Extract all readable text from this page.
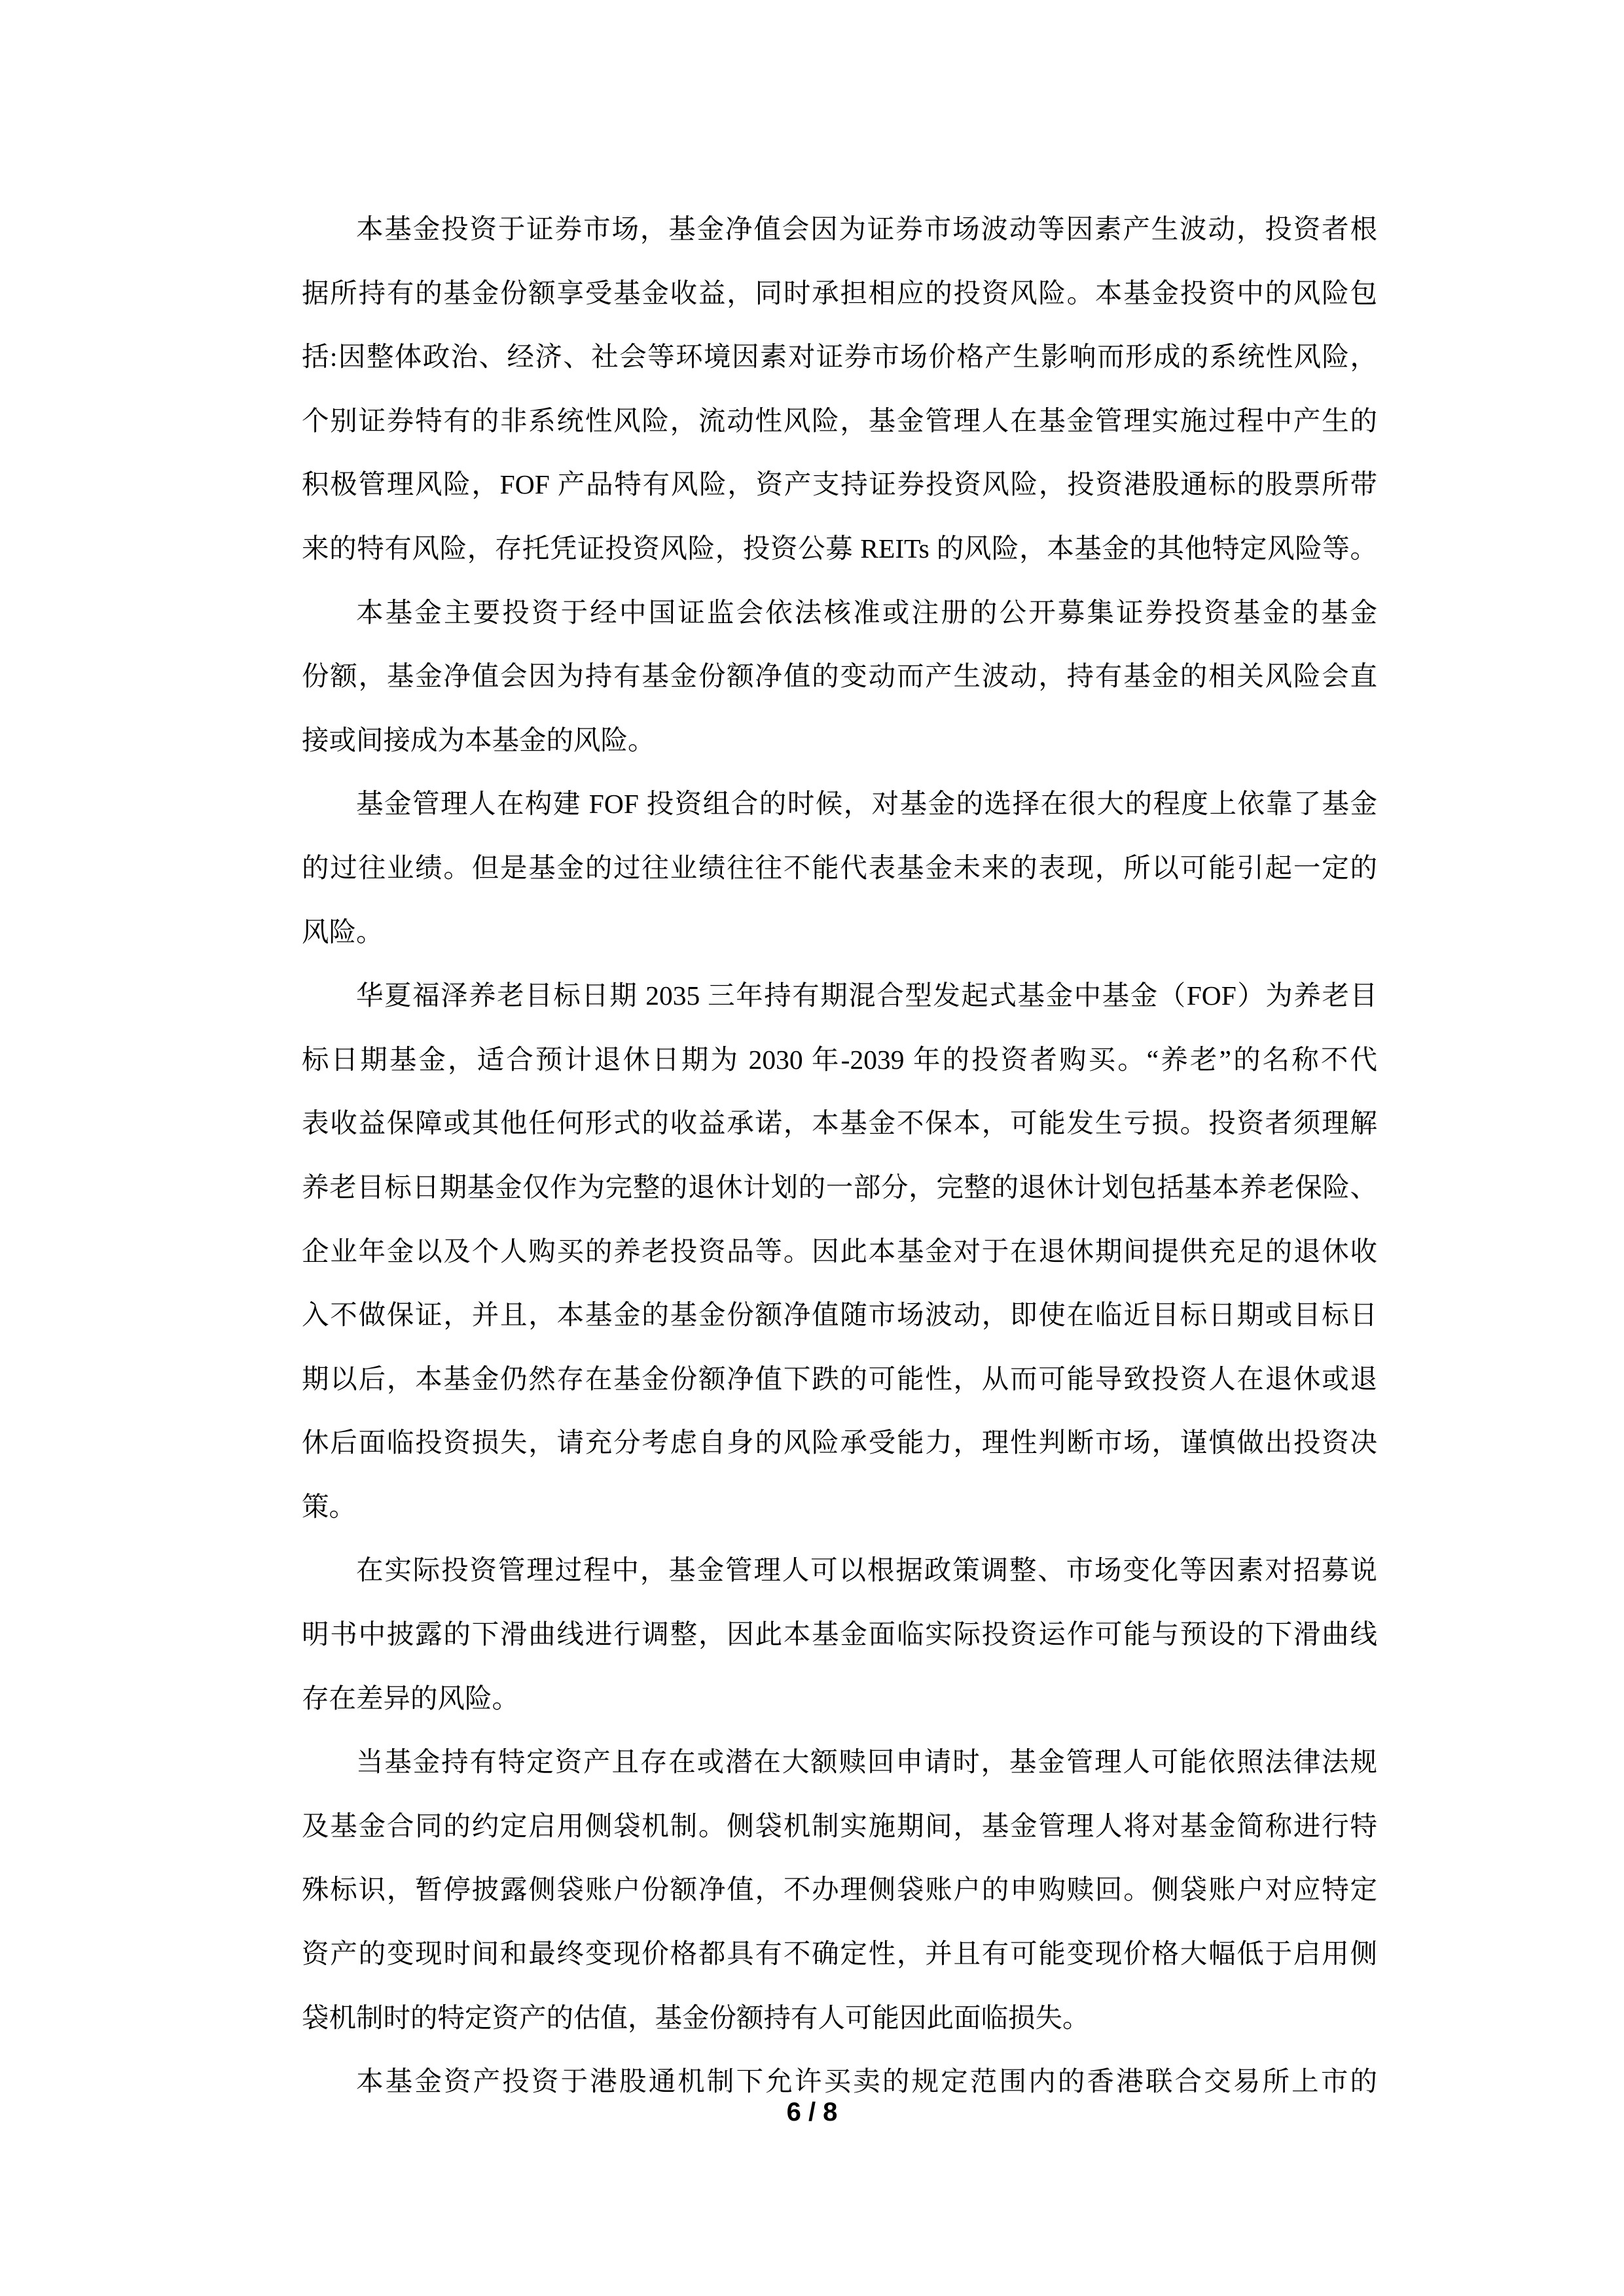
本基金投资于证券市场，基金净值会因为证券市场波动等因素产生波动，投资者根
据所持有的基金份额享受基金收益，同时承担相应的投资风险。本基金投资中的风险包
括:因整体政治、经济、社会等环境因素对证券市场价格产生影响而形成的系统性风险，
个别证券特有的非系统性风险，流动性风险，基金管理人在基金管理实施过程中产生的
积极管理风险，FOF 产品特有风险，资产支持证券投资风险，投资港股通标的股票所带
来的特有风险，存托凭证投资风险，投资公募 REITs 的风险，本基金的其他特定风险等。
本基金主要投资于经中国证监会依法核准或注册的公开募集证券投资基金的基金
份额，基金净值会因为持有基金份额净值的变动而产生波动，持有基金的相关风险会直
接或间接成为本基金的风险。
基金管理人在构建 FOF 投资组合的时候，对基金的选择在很大的程度上依靠了基金
的过往业绩。但是基金的过往业绩往往不能代表基金未来的表现，所以可能引起一定的
风险。
华夏福泽养老目标日期 2035 三年持有期混合型发起式基金中基金（FOF）为养老目
标日期基金，适合预计退休日期为 2030 年-2039 年的投资者购买。“养老”的名称不代
表收益保障或其他任何形式的收益承诺，本基金不保本，可能发生亏损。投资者须理解
养老目标日期基金仅作为完整的退休计划的一部分，完整的退休计划包括基本养老保险、
企业年金以及个人购买的养老投资品等。因此本基金对于在退休期间提供充足的退休收
入不做保证，并且，本基金的基金份额净值随市场波动，即使在临近目标日期或目标日
期以后，本基金仍然存在基金份额净值下跌的可能性，从而可能导致投资人在退休或退
休后面临投资损失，请充分考虑自身的风险承受能力，理性判断市场，谨慎做出投资决
策。
在实际投资管理过程中，基金管理人可以根据政策调整、市场变化等因素对招募说
明书中披露的下滑曲线进行调整，因此本基金面临实际投资运作可能与预设的下滑曲线
存在差异的风险。
当基金持有特定资产且存在或潜在大额赎回申请时，基金管理人可能依照法律法规
及基金合同的约定启用侧袋机制。侧袋机制实施期间，基金管理人将对基金简称进行特
殊标识，暂停披露侧袋账户份额净值，不办理侧袋账户的申购赎回。侧袋账户对应特定
资产的变现时间和最终变现价格都具有不确定性，并且有可能变现价格大幅低于启用侧
袋机制时的特定资产的估值，基金份额持有人可能因此面临损失。
本基金资产投资于港股通机制下允许买卖的规定范围内的香港联合交易所上市的
6 / 8
